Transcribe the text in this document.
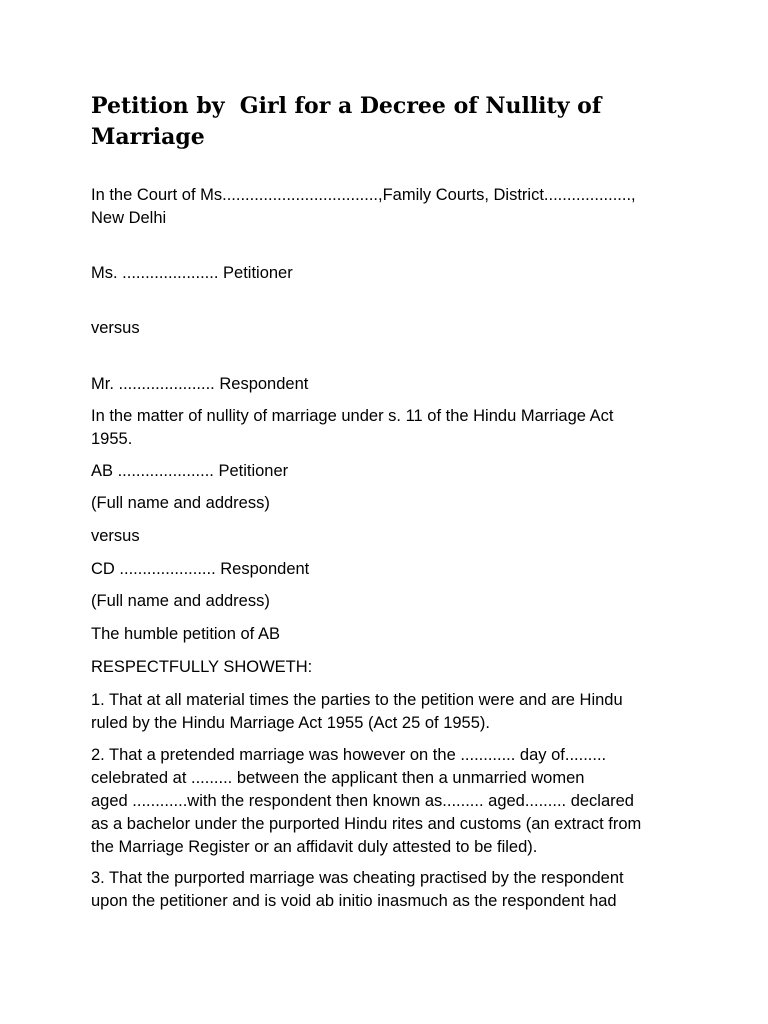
Petition by  Girl for a Decree of Nullity of
Marriage

In the Court of Ms..................................,Family Courts, District...................,
New Delhi

Ms. ..................... Petitioner

versus

Mr. ..................... Respondent

In the matter of nullity of marriage under s. 11 of the Hindu Marriage Act
1955.

AB ..................... Petitioner

(Full name and address)

versus

CD ..................... Respondent

(Full name and address)

The humble petition of AB

RESPECTFULLY SHOWETH:

1. That at all material times the parties to the petition were and are Hindu
ruled by the Hindu Marriage Act 1955 (Act 25 of 1955).

2. That a pretended marriage was however on the ............ day of.........
celebrated at ......... between the applicant then a unmarried women
aged ............with the respondent then known as......... aged......... declared
as a bachelor under the purported Hindu rites and customs (an extract from
the Marriage Register or an affidavit duly attested to be filed).

3. That the purported marriage was cheating practised by the respondent
upon the petitioner and is void ab initio inasmuch as the respondent had
